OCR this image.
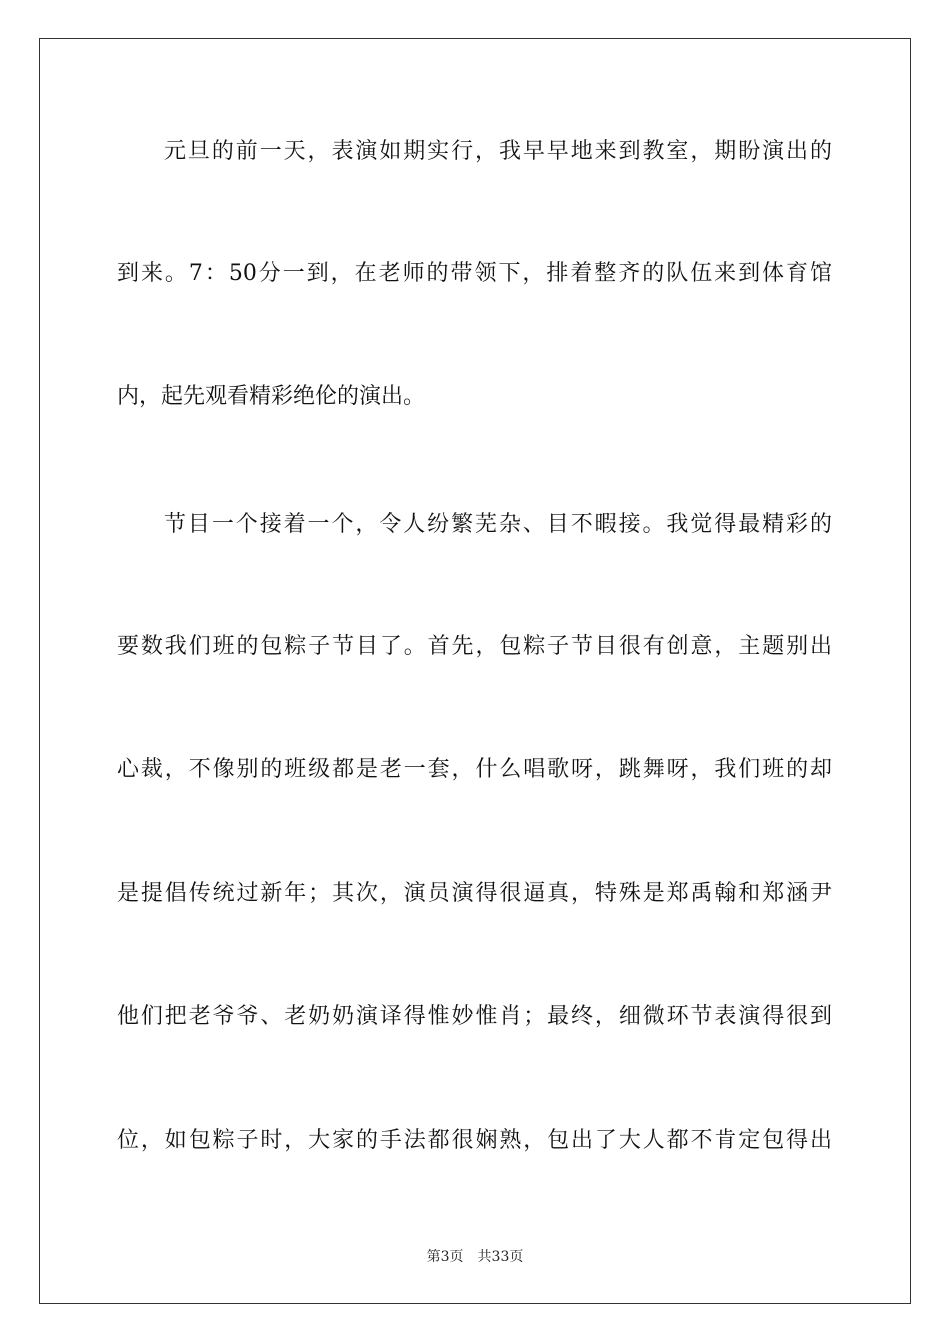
元旦的前一天，表演如期实行，我早早地来到教室，期盼演出的
到来。7：50分一到，在老师的带领下，排着整齐的队伍来到体育馆
内，起先观看精彩绝伦的演出。
节目一个接着一个，令人纷繁芜杂、目不暇接。我觉得最精彩的
要数我们班的包粽子节目了。首先，包粽子节目很有创意，主题别出
心裁，不像别的班级都是老一套，什么唱歌呀，跳舞呀，我们班的却
是提倡传统过新年；其次，演员演得很逼真，特殊是郑禹翰和郑涵尹
他们把老爷爷、老奶奶演译得惟妙惟肖；最终，细微环节表演得很到
位，如包粽子时，大家的手法都很娴熟，包出了大人都不肯定包得出
第3页 共33页
